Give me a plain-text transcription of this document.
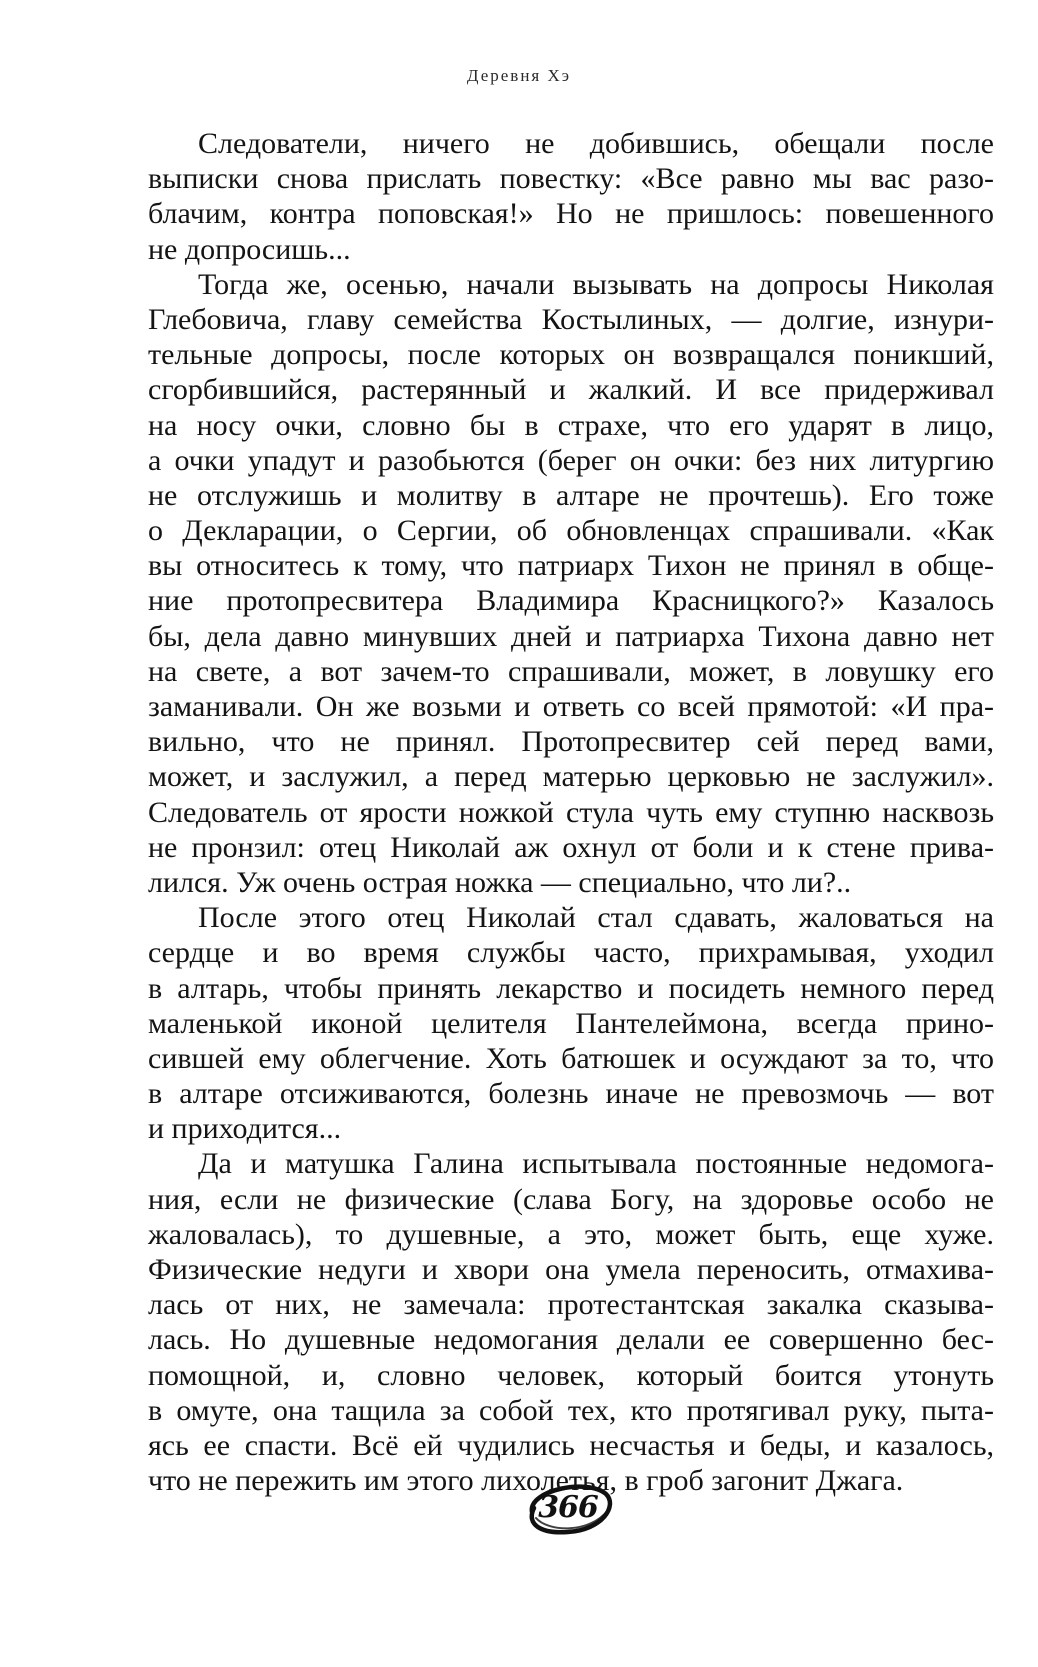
Деревня Хэ
Следователи, ничего не добившись, обещали после
выписки снова прислать повестку: «Все равно мы вас разо-
блачим, контра поповская!» Но не пришлось: повешенного
не допросишь...
Тогда же, осенью, начали вызывать на допросы Николая
Глебовича, главу семейства Костылиных, — долгие, изнури-
тельные допросы, после которых он возвращался поникший,
сгорбившийся, растерянный и жалкий. И все придерживал
на носу очки, словно бы в страхе, что его ударят в лицо,
а очки упадут и разобьются (берег он очки: без них литургию
не отслужишь и молитву в алтаре не прочтешь). Его тоже
о Декларации, о Сергии, об обновленцах спрашивали. «Как
вы относитесь к тому, что патриарх Тихон не принял в обще-
ние протопресвитера Владимира Красницкого?» Казалось
бы, дела давно минувших дней и патриарха Тихона давно нет
на свете, а вот зачем-то спрашивали, может, в ловушку его
заманивали. Он же возьми и ответь со всей прямотой: «И пра-
вильно, что не принял. Протопресвитер сей перед вами,
может, и заслужил, а перед матерью церковью не заслужил».
Следователь от ярости ножкой стула чуть ему ступню насквозь
не пронзил: отец Николай аж охнул от боли и к стене прива-
лился. Уж очень острая ножка — специально, что ли?..
После этого отец Николай стал сдавать, жаловаться на
сердце и во время службы часто, прихрамывая, уходил
в алтарь, чтобы принять лекарство и посидеть немного перед
маленькой иконой целителя Пантелеймона, всегда прино-
сившей ему облегчение. Хоть батюшек и осуждают за то, что
в алтаре отсиживаются, болезнь иначе не превозмочь — вот
и приходится...
Да и матушка Галина испытывала постоянные недомога-
ния, если не физические (слава Богу, на здоровье особо не
жаловалась), то душевные, а это, может быть, еще хуже.
Физические недуги и хвори она умела переносить, отмахива-
лась от них, не замечала: протестантская закалка сказыва-
лась. Но душевные недомогания делали ее совершенно бес-
помощной, и, словно человек, который боится утонуть
в омуте, она тащила за собой тех, кто протягивал руку, пыта-
ясь ее спасти. Всё ей чудились несчастья и беды, и казалось,
что не пережить им этого лихолетья, в гроб загонит Джага.
366
